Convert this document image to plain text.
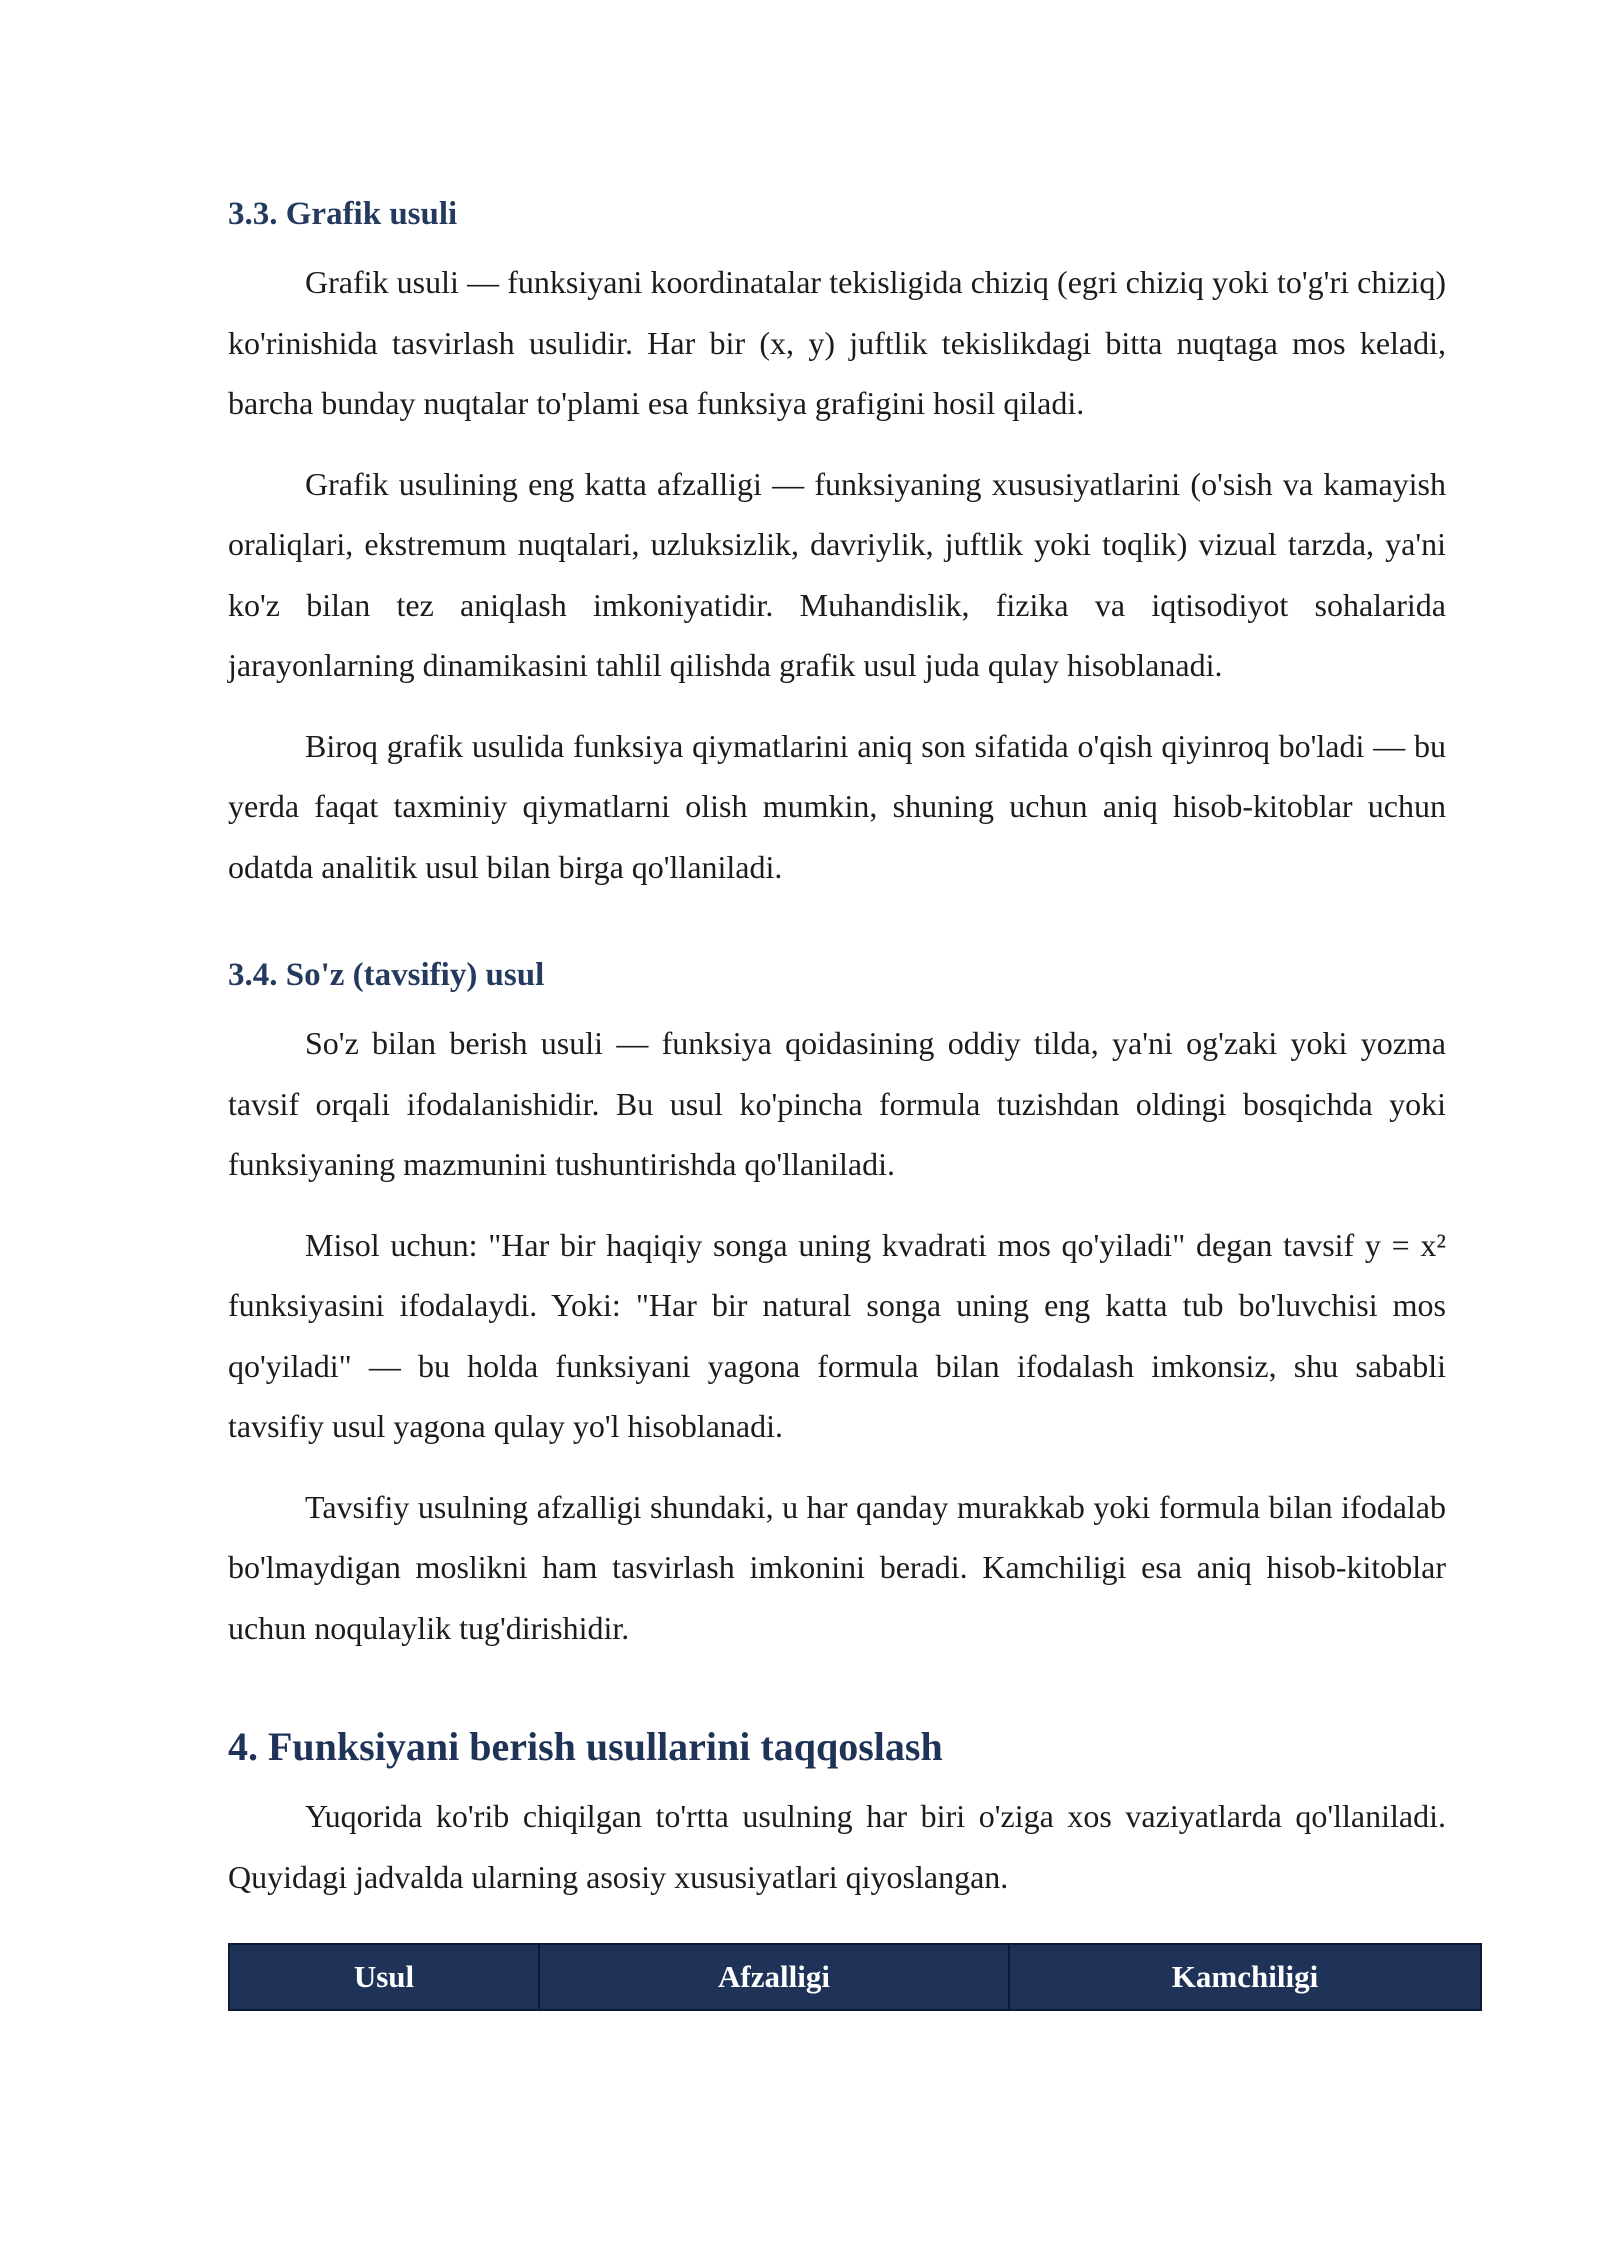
3.3. Grafik usuli

Grafik usuli — funksiyani koordinatalar tekisligida chiziq (egri chiziq yoki to'g'ri chiziq) ko'rinishida tasvirlash usulidir. Har bir (x, y) juftlik tekislikdagi bitta nuqtaga mos keladi, barcha bunday nuqtalar to'plami esa funksiya grafigini hosil qiladi.

Grafik usulining eng katta afzalligi — funksiyaning xususiyatlarini (o'sish va kamayish oraliqlari, ekstremum nuqtalari, uzluksizlik, davriylik, juftlik yoki toqlik) vizual tarzda, ya'ni ko'z bilan tez aniqlash imkoniyatidir. Muhandislik, fizika va iqtisodiyot sohalarida jarayonlarning dinamikasini tahlil qilishda grafik usul juda qulay hisoblanadi.

Biroq grafik usulida funksiya qiymatlarini aniq son sifatida o'qish qiyinroq bo'ladi — bu yerda faqat taxminiy qiymatlarni olish mumkin, shuning uchun aniq hisob-kitoblar uchun odatda analitik usul bilan birga qo'llaniladi.

3.4. So'z (tavsifiy) usul

So'z bilan berish usuli — funksiya qoidasining oddiy tilda, ya'ni og'zaki yoki yozma tavsif orqali ifodalanishidir. Bu usul ko'pincha formula tuzishdan oldingi bosqichda yoki funksiyaning mazmunini tushuntirishda qo'llaniladi.

Misol uchun: "Har bir haqiqiy songa uning kvadrati mos qo'yiladi" degan tavsif y = x² funksiyasini ifodalaydi. Yoki: "Har bir natural songa uning eng katta tub bo'luvchisi mos qo'yiladi" — bu holda funksiyani yagona formula bilan ifodalash imkonsiz, shu sababli tavsifiy usul yagona qulay yo'l hisoblanadi.

Tavsifiy usulning afzalligi shundaki, u har qanday murakkab yoki formula bilan ifodalab bo'lmaydigan moslikni ham tasvirlash imkonini beradi. Kamchiligi esa aniq hisob-kitoblar uchun noqulaylik tug'dirishidir.

4. Funksiyani berish usullarini taqqoslash

Yuqorida ko'rib chiqilgan to'rtta usulning har biri o'ziga xos vaziyatlarda qo'llaniladi. Quyidagi jadvalda ularning asosiy xususiyatlari qiyoslangan.

Usul	Afzalligi	Kamchiligi
